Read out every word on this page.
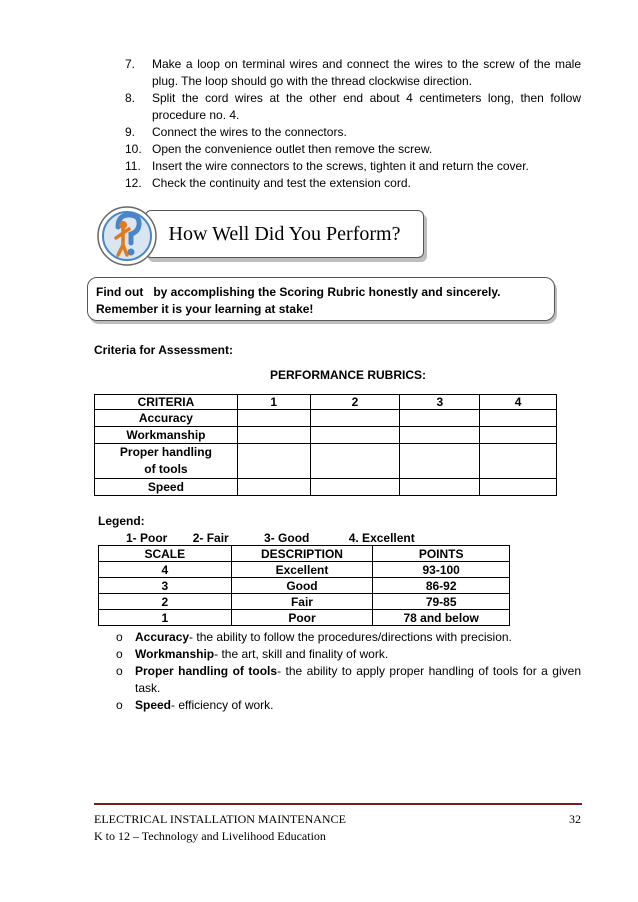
7.	Make a loop on terminal wires and connect the wires to the screw of the male plug. The loop should go with the thread clockwise direction.
8.	Split the cord wires at the other end about 4 centimeters long, then follow procedure no. 4.
9.	Connect the wires to the connectors.
10. Open the convenience outlet then remove the screw.
11. Insert the wire connectors to the screws, tighten it and return the cover.
12. Check the continuity and test the extension cord.
How Well Did You Perform?
Find out   by accomplishing the Scoring Rubric honestly and sincerely.
Remember it is your learning at stake!
Criteria for Assessment:
PERFORMANCE RUBRICS:
CRITERIA	1	2	3	4
Accuracy				
Workmanship				
Proper handling of tools				
Speed				
Legend:
1- Poor 2- Fair	3- Good	4. Excellent
SCALE	DESCRIPTION	POINTS
4	Excellent	93-100
3	Good	86-92
2	Fair	79-85
1	Poor	78 and below
o	Accuracy- the ability to follow the procedures/directions with precision.
o	Workmanship- the art, skill and finality of work.
o	Proper handling of tools- the ability to apply proper handling of tools for a given task.
o	Speed- efficiency of work.
ELECTRICAL INSTALLATION MAINTENANCE
K to 12 – Technology and Livelihood Education
32
